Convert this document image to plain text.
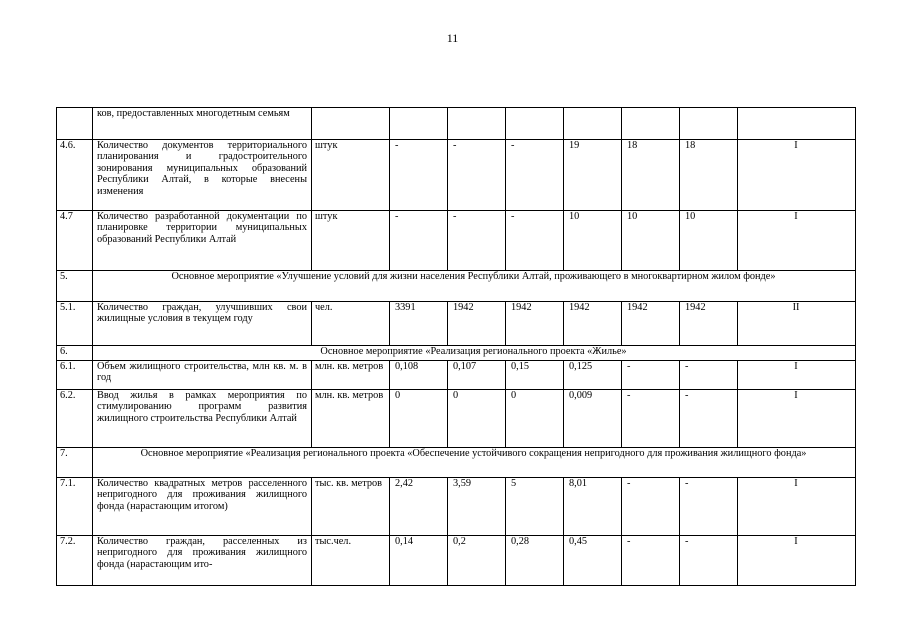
11
	ков, предоставленных многодетным семьям								
4.6.	Количество документов территориального планирования и градостроительного зонирования муниципальных образований Республики Алтай, в которые внесены изменения	штук	-	-	-	19	18	18	I
4.7	Количество разработанной документации по планировке территории муниципальных образований Республики Алтай	штук	-	-	-	10	10	10	I
5.	Основное мероприятие «Улучшение условий для жизни населения Республики Алтай, проживающего в многоквартирном жилом фонде»								
5.1.	Количество граждан, улучшивших свои жилищные условия в текущем году	чел.	3391	1942	1942	1942	1942	1942	II
6.	Основное мероприятие «Реализация регионального проекта «Жилье»								
6.1.	Объем жилищного строительства, млн кв. м. в год	млн. кв. метров	0,108	0,107	0,15	0,125	-	-	I
6.2.	Ввод жилья в рамках мероприятия по стимулированию программ развития жилищного строительства Республики Алтай	млн. кв. метров	0	0	0	0,009	-	-	I
7.	Основное мероприятие «Реализация регионального проекта «Обеспечение устойчивого сокращения непригодного для проживания жилищного фонда»								
7.1.	Количество квадратных метров расселенного непригодного для проживания жилищного фонда (нарастающим итогом)	тыс. кв. метров	2,42	3,59	5	8,01	-	-	I
7.2.	Количество граждан, расселенных из непригодного для проживания жилищного фонда (нарастающим ито-	тыс.чел.	0,14	0,2	0,28	0,45	-	-	I
